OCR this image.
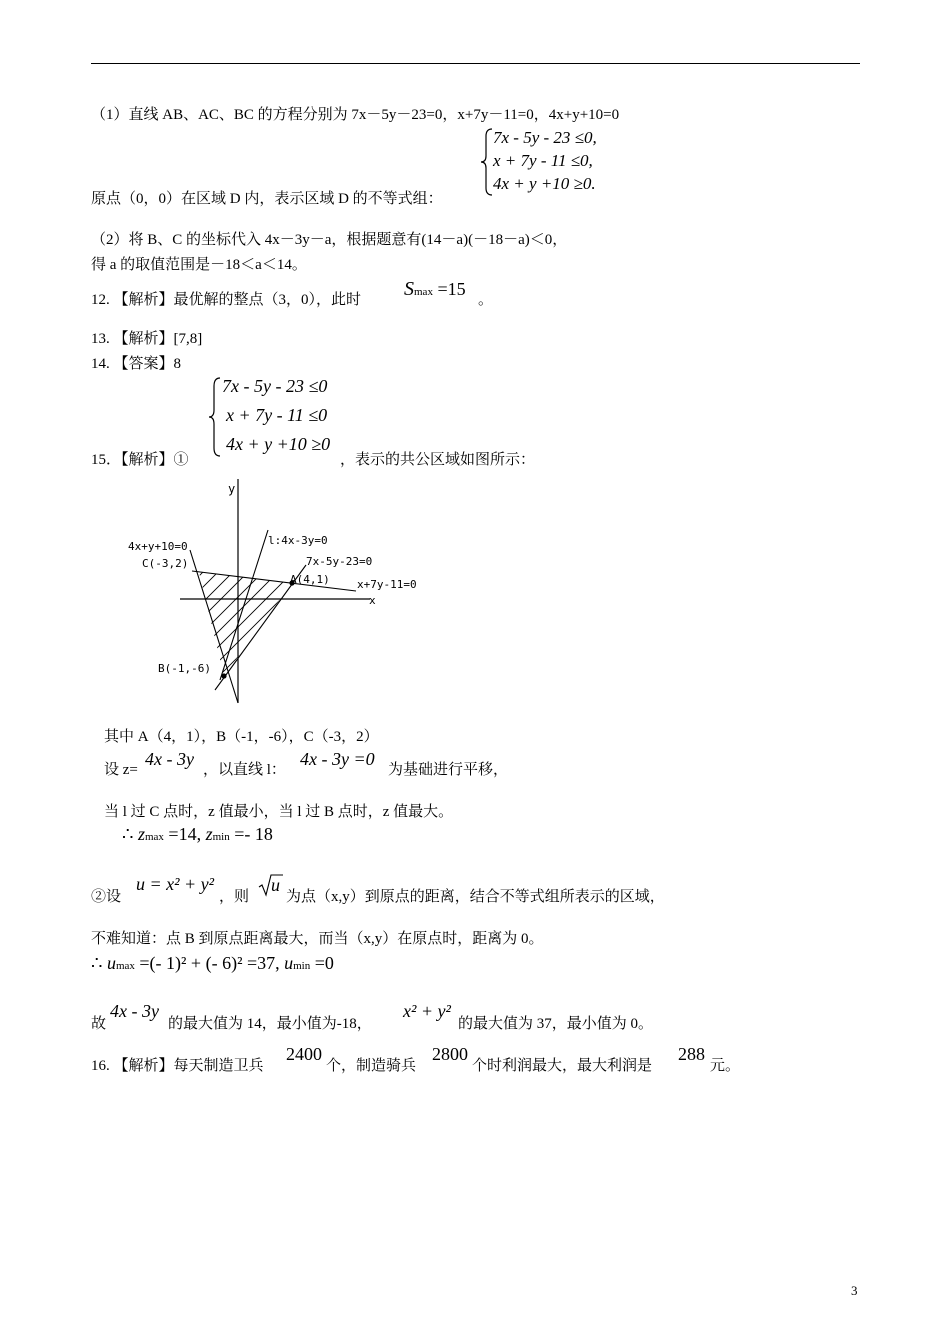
（1）直线 AB、AC、BC 的方程分别为 7x－5y－23=0，x+7y－11=0，4x+y+10=0
7x - 5y - 23 ≤0,
x + 7y - 11 ≤0,
4x + y +10 ≥0.
原点（0，0）在区域 D 内，表示区域 D 的不等式组：
（2）将 B、C 的坐标代入 4x－3y－a，根据题意有(14－a)(－18－a)＜0，
得 a 的取值范围是－18＜a＜14。
12. 【解析】最优解的整点（3，0），此时 Smax =15
。
13. 【解析】[7,8]
14. 【答案】8
7x - 5y - 23 ≤0
x + 7y - 11 ≤0
4x + y +10 ≥0
15．【解析】①	，表示的共公区域如图所示：
y
x
4x+y+10=0	l:4x-3y=0
7x-5y-23=0
x+7y-11=0
C(-3,2)
A(4,1)
B(-1,-6)
其中 A（4，1），B（-1，-6），C（-3，2）
设 z=
4x - 3y
，以直线 l：
4x - 3y =0
为基础进行平移，
当 l 过 C 点时，z 值最小，当 l 过 B 点时，z 值最大。
∴ zmax =14, zmin =- 18
②设
u = x² + y²
，则
u
为点（x,y）到原点的距离，结合不等式组所表示的区域，
不难知道：点 B 到原点距离最大，而当（x,y）在原点时，距离为 0。
∴ umax =(- 1)² + (- 6)² =37, umin =0
故
4x - 3y
的最大值为 14，最小值为-18，
x² + y²
的最大值为 37，最小值为 0。
16. 【解析】每天制造卫兵
2400
个，制造骑兵
2800
个时利润最大，最大利润是
288
元。
3
